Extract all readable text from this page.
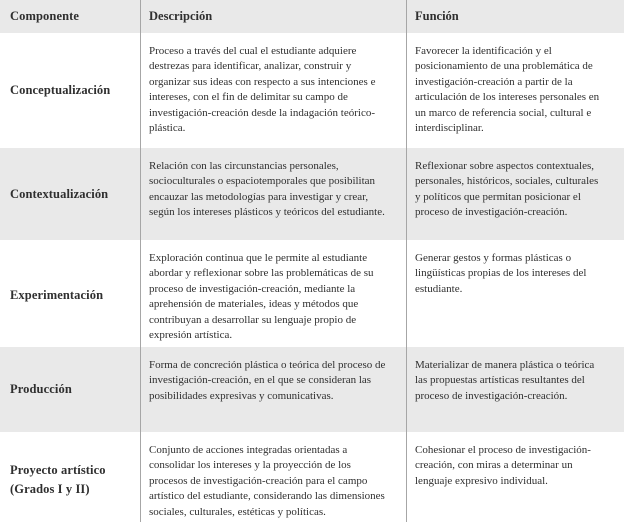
Componente	Descripción	Función
Conceptualización
Proceso a través del cual el estudiante adquiere destrezas para identificar, analizar, construir y organizar sus ideas con respecto a sus intenciones e intereses, con el fin de delimitar su campo de investigación-creación desde la indagación teórico-plástica.
Favorecer la identificación y el posicionamiento de una problemática de investigación-creación a partir de la articulación de los intereses personales en un marco de referencia social, cultural e interdisciplinar.
Contextualización
Relación con las circunstancias personales, socioculturales o espaciotemporales que posibilitan encauzar las metodologías para investigar y crear, según los intereses plásticos y teóricos del estudiante.
Reflexionar sobre aspectos contextuales, personales, históricos, sociales, culturales y políticos que permitan posicionar el proceso de investigación-creación.
Experimentación
Exploración continua que le permite al estudiante abordar y reflexionar sobre las problemáticas de su proceso de investigación-creación, mediante la aprehensión de materiales, ideas y métodos que contribuyan a desarrollar su lenguaje propio de expresión artística.
Generar gestos y formas plásticas o lingüísticas propias de los intereses del estudiante.
Producción
Forma de concreción plástica o teórica del proceso de investigación-creación, en el que se consideran las posibilidades expresivas y comunicativas.
Materializar de manera plástica o teórica las propuestas artísticas resultantes del proceso de investigación-creación.
Proyecto artístico (Grados I y II)
Conjunto de acciones integradas orientadas a consolidar los intereses y la proyección de los procesos de investigación-creación para el campo artístico del estudiante, considerando las dimensiones sociales, culturales, estéticas y políticas.
Cohesionar el proceso de investigación-creación, con miras a determinar un lenguaje expresivo individual.
